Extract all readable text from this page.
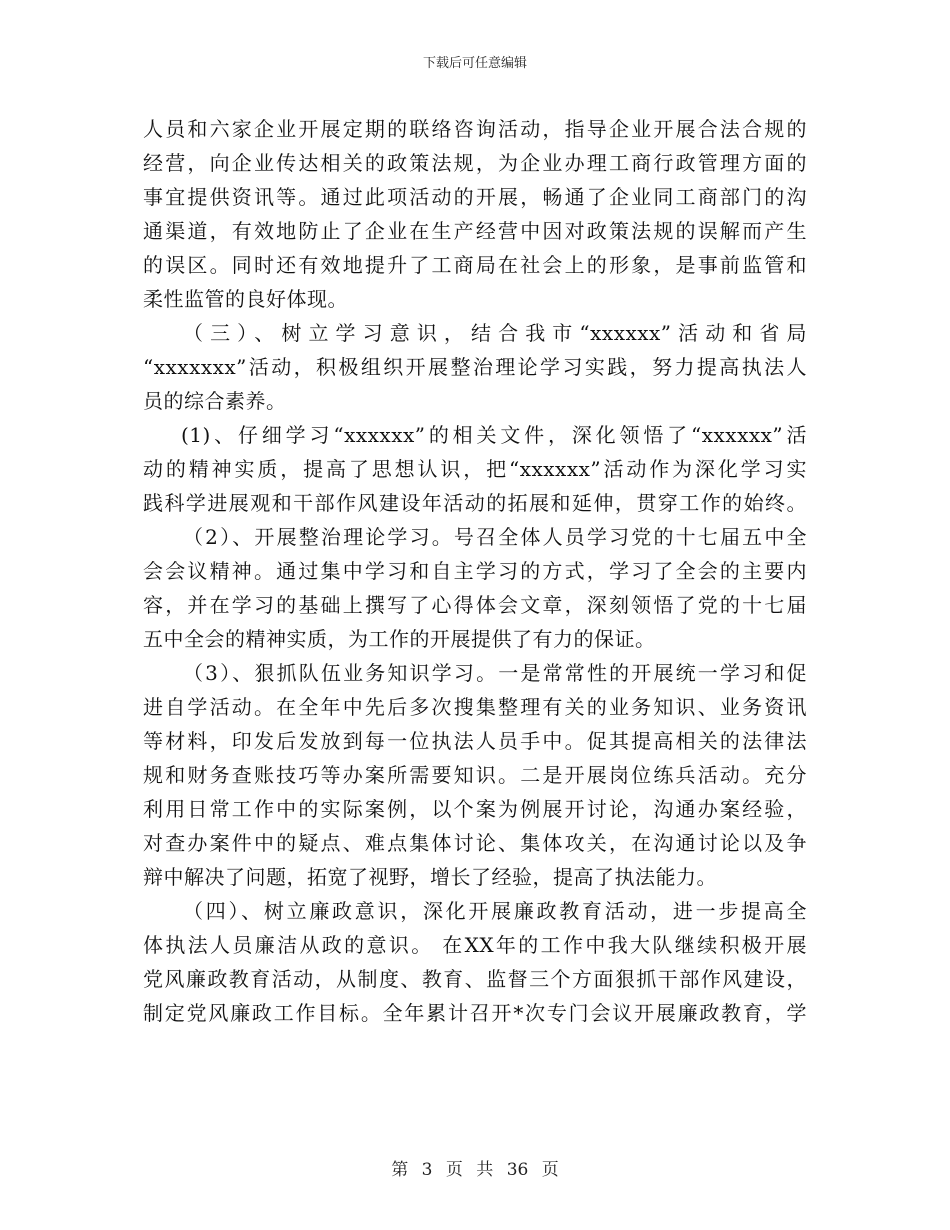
下载后可任意编辑
人员和六家企业开展定期的联络咨询活动，指导企业开展合法合规的
经营，向企业传达相关的政策法规，为企业办理工商行政管理方面的
事宜提供资讯等。通过此项活动的开展，畅通了企业同工商部门的沟
通渠道，有效地防止了企业在生产经营中因对政策法规的误解而产生
的误区。同时还有效地提升了工商局在社会上的形象，是事前监管和
柔性监管的良好体现。
（三）、树立学习意识，结合我市“xxxxxx”活动和省局
“xxxxxxx”活动，积极组织开展整治理论学习实践，努力提高执法人
员的综合素养。
(1)、仔细学习“xxxxxx”的相关文件，深化领悟了“xxxxxx”活
动的精神实质，提高了思想认识，把“xxxxxx”活动作为深化学习实
践科学进展观和干部作风建设年活动的拓展和延伸，贯穿工作的始终。
（2）、开展整治理论学习。号召全体人员学习党的十七届五中全
会会议精神。通过集中学习和自主学习的方式，学习了全会的主要内
容，并在学习的基础上撰写了心得体会文章，深刻领悟了党的十七届
五中全会的精神实质，为工作的开展提供了有力的保证。
（3）、狠抓队伍业务知识学习。一是常常性的开展统一学习和促
进自学活动。在全年中先后多次搜集整理有关的业务知识、业务资讯
等材料，印发后发放到每一位执法人员手中。促其提高相关的法律法
规和财务查账技巧等办案所需要知识。二是开展岗位练兵活动。充分
利用日常工作中的实际案例，以个案为例展开讨论，沟通办案经验，
对查办案件中的疑点、难点集体讨论、集体攻关，在沟通讨论以及争
辩中解决了问题，拓宽了视野，增长了经验，提高了执法能力。
（四）、树立廉政意识，深化开展廉政教育活动，进一步提高全
体执法人员廉洁从政的意识。 在XX年的工作中我大队继续积极开展
党风廉政教育活动，从制度、教育、监督三个方面狠抓干部作风建设，
制定党风廉政工作目标。全年累计召开*次专门会议开展廉政教育，学
第 3 页 共 36 页
